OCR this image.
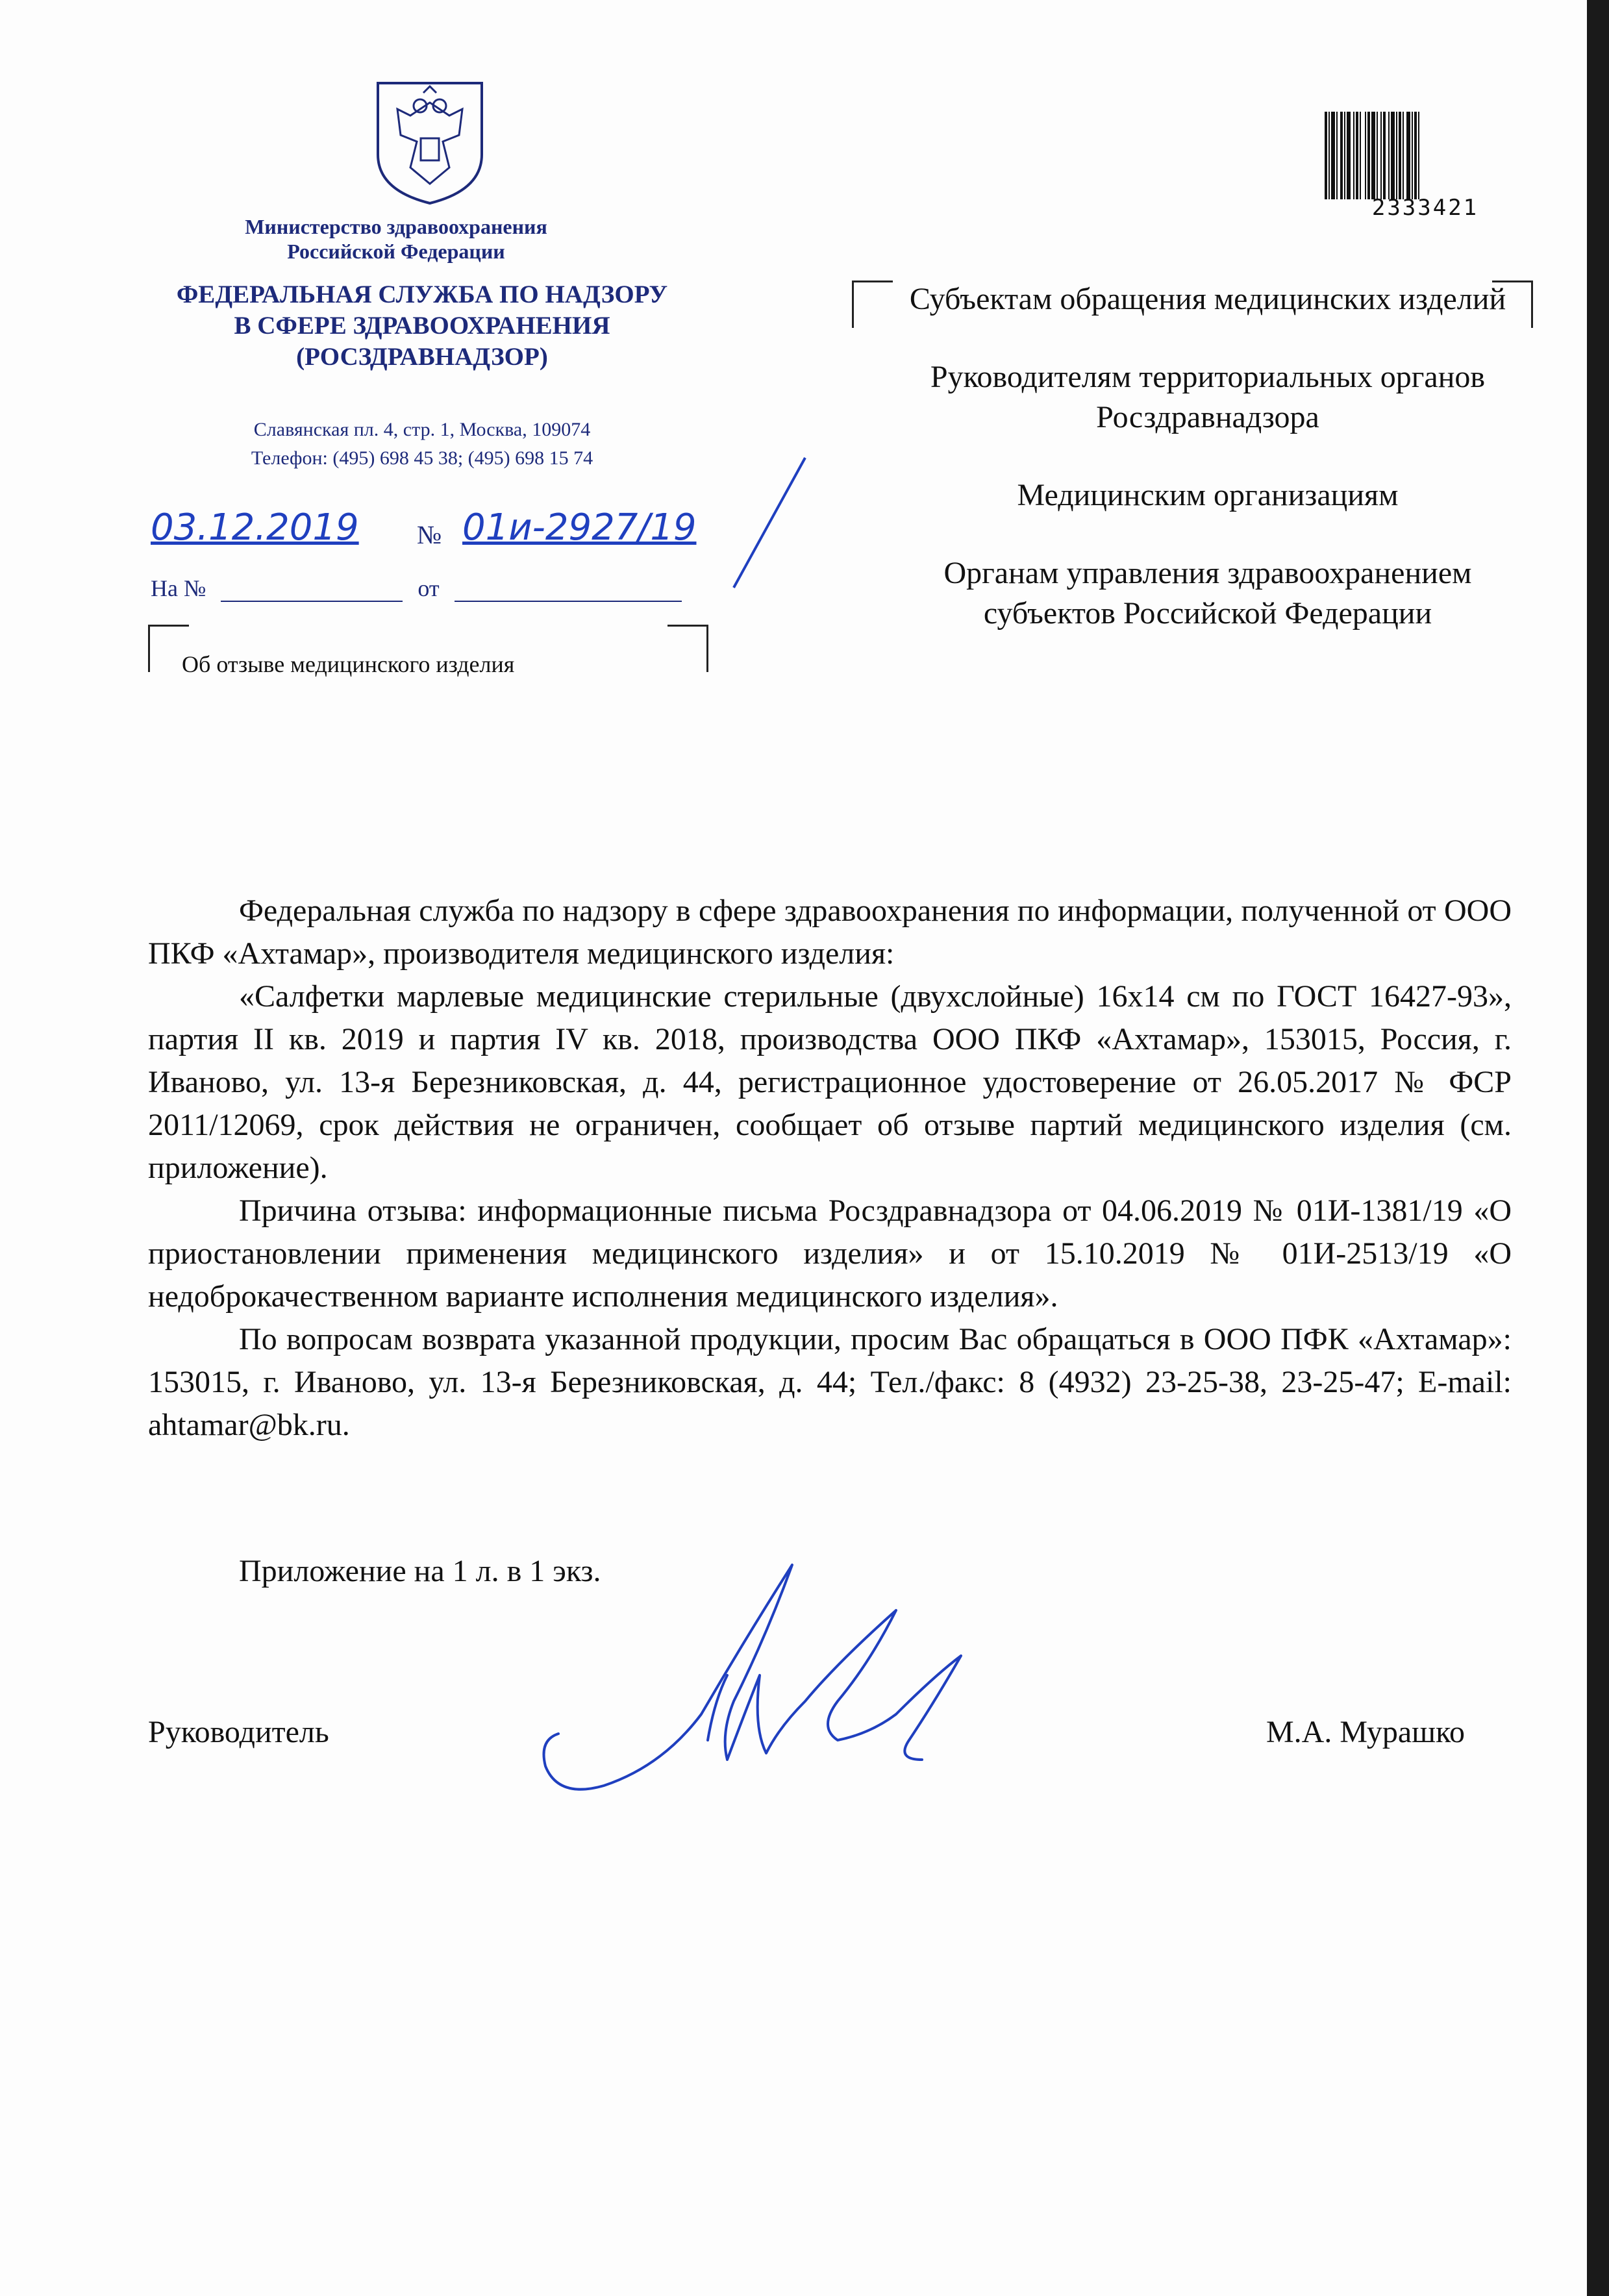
Министерство здравоохранения
Российской Федерации
ФЕДЕРАЛЬНАЯ СЛУЖБА ПО НАДЗОРУ
В СФЕРЕ ЗДРАВООХРАНЕНИЯ
(РОСЗДРАВНАДЗОР)
Славянская пл. 4, стр. 1, Москва, 109074
Телефон: (495) 698 45 38; (495) 698 15 74
03.12.2019 № 01и-2927/19
На №	от
Об отзыве медицинского изделия
2333421
Субъектам обращения медицинских изделий
Руководителям территориальных органов Росздравнадзора
Медицинским организациям
Органам управления здравоохранением субъектов Российской Федерации

Федеральная служба по надзору в сфере здравоохранения по информации, полученной от ООО ПКФ «Ахтамар», производителя медицинского изделия:

«Салфетки марлевые медицинские стерильные (двухслойные) 16х14 см по ГОСТ 16427-93», партия II кв. 2019 и партия IV кв. 2018, производства ООО ПКФ «Ахтамар», 153015, Россия, г. Иваново, ул. 13-я Березниковская, д. 44, регистрационное удостоверение от 26.05.2017 № ФСР 2011/12069, срок действия не ограничен, сообщает об отзыве партий медицинского изделия (см. приложение).

Причина отзыва: информационные письма Росздравнадзора от 04.06.2019 № 01И-1381/19 «О приостановлении применения медицинского изделия» и от 15.10.2019 № 01И-2513/19 «О недоброкачественном варианте исполнения медицинского изделия».

По вопросам возврата указанной продукции, просим Вас обращаться в ООО ПФК «Ахтамар»: 153015, г. Иваново, ул. 13-я Березниковская, д. 44; Тел./факс: 8 (4932) 23-25-38, 23-25-47; E-mail: ahtamar@bk.ru.

Приложение на 1 л. в 1 экз.
Руководитель	М.А. Мурашко
